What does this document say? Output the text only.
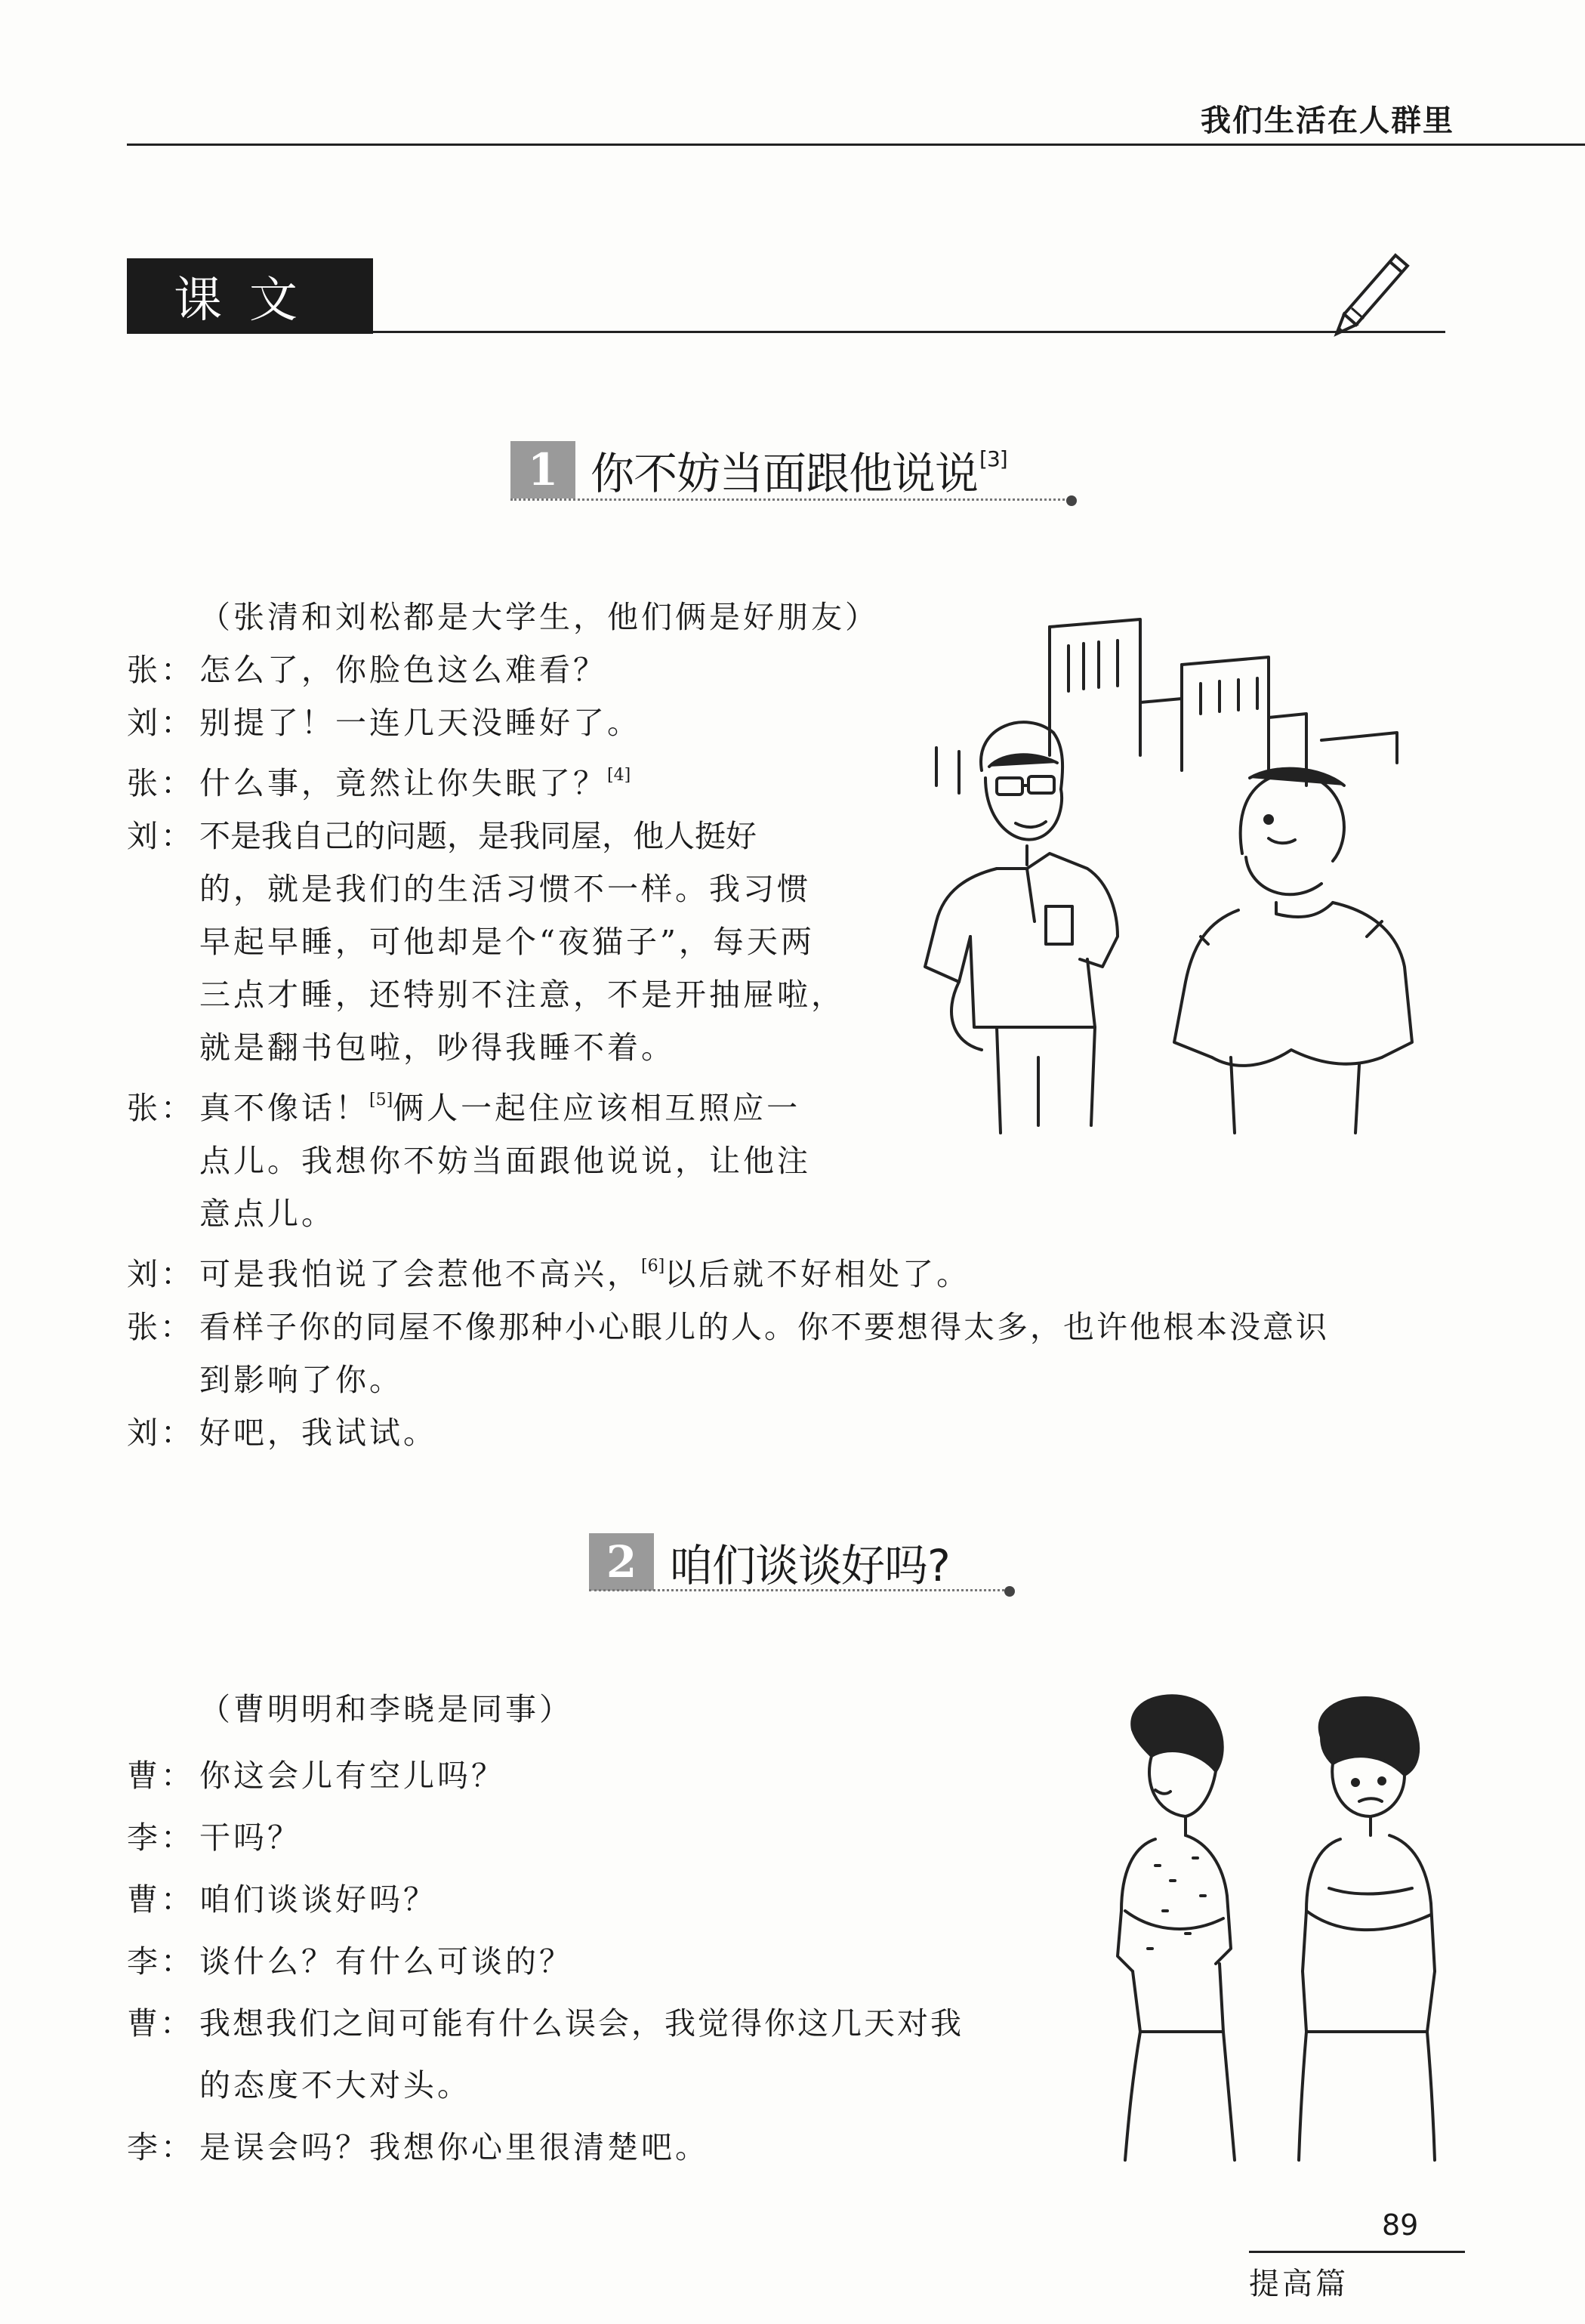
我们生活在人群里
课文
1 你不妨当面跟他说说[3]
（张清和刘松都是大学生，他们俩是好朋友）
张： 怎么了，你脸色这么难看？
刘： 别提了！一连几天没睡好了。
张： 什么事，竟然让你失眠了？[4]
刘： 不是我自己的问题，是我同屋，他人挺好
的，就是我们的生活习惯不一样。我习惯
早起早睡，可他却是个“夜猫子”，每天两
三点才睡，还特别不注意，不是开抽屉啦，
就是翻书包啦，吵得我睡不着。
张： 真不像话！[5]俩人一起住应该相互照应一
点儿。我想你不妨当面跟他说说，让他注
意点儿。
刘： 可是我怕说了会惹他不高兴，[6]以后就不好相处了。
张： 看样子你的同屋不像那种小心眼儿的人。你不要想得太多，也许他根本没意识
到影响了你。
刘： 好吧，我试试。
2 咱们谈谈好吗?
（曹明明和李晓是同事）
曹： 你这会儿有空儿吗？
李： 干吗？
曹： 咱们谈谈好吗？
李： 谈什么？有什么可谈的？
曹： 我想我们之间可能有什么误会，我觉得你这几天对我
的态度不大对头。
李： 是误会吗？我想你心里很清楚吧。
89
提高篇
